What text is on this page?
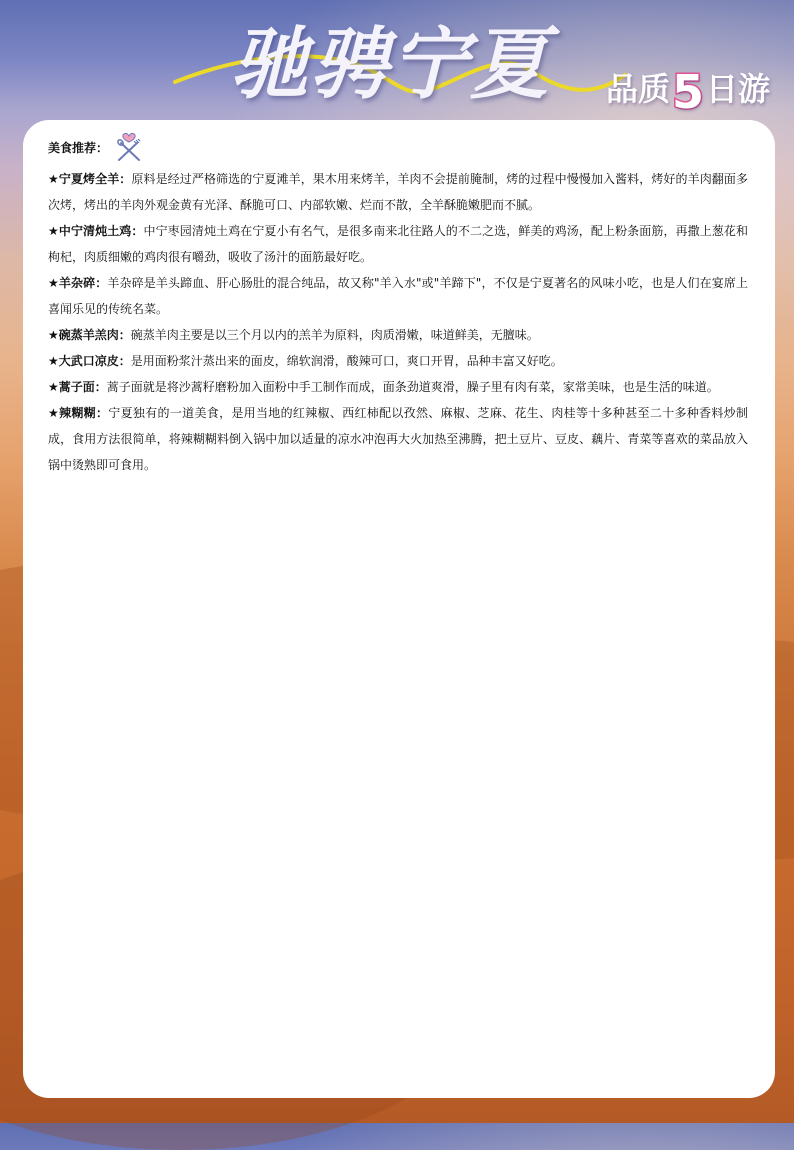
驰骋宁夏 品质 5 日游
美食推荐：

★宁夏烤全羊：原料是经过严格筛选的宁夏滩羊，果木用来烤羊，羊肉不会提前腌制，烤的过程中慢慢加入酱料，烤好的羊肉翻面多次烤，烤出的羊肉外观金黄有光泽、酥脆可口、内部软嫩、烂而不散，全羊酥脆嫩肥而不腻。

★中宁清炖土鸡：中宁枣园清炖土鸡在宁夏小有名气，是很多南来北往路人的不二之选，鲜美的鸡汤，配上粉条面筋，再撒上葱花和枸杞，肉质细嫩的鸡肉很有嚼劲，吸收了汤汁的面筋最好吃。

★羊杂碎：羊杂碎是羊头蹄血、肝心肠肚的混合纯品，故又称"羊入水"或"羊蹄下"，不仅是宁夏著名的风味小吃，也是人们在宴席上喜闻乐见的传统名菜。

★碗蒸羊羔肉：碗蒸羊肉主要是以三个月以内的羔羊为原料，肉质滑嫩，味道鲜美，无膻味。

★大武口凉皮：是用面粉浆汁蒸出来的面皮，绵软润滑，酸辣可口，爽口开胃，品种丰富又好吃。

★蒿子面：蒿子面就是将沙蒿籽磨粉加入面粉中手工制作而成，面条劲道爽滑，臊子里有肉有菜，家常美味，也是生活的味道。

★辣糊糊：宁夏独有的一道美食，是用当地的红辣椒、西红柿配以孜然、麻椒、芝麻、花生、肉桂等十多种甚至二十多种香料炒制成，食用方法很简单，将辣糊糊料倒入锅中加以适量的凉水冲泡再大火加热至沸腾，把土豆片、豆皮、藕片、青菜等喜欢的菜品放入锅中烫熟即可食用。
